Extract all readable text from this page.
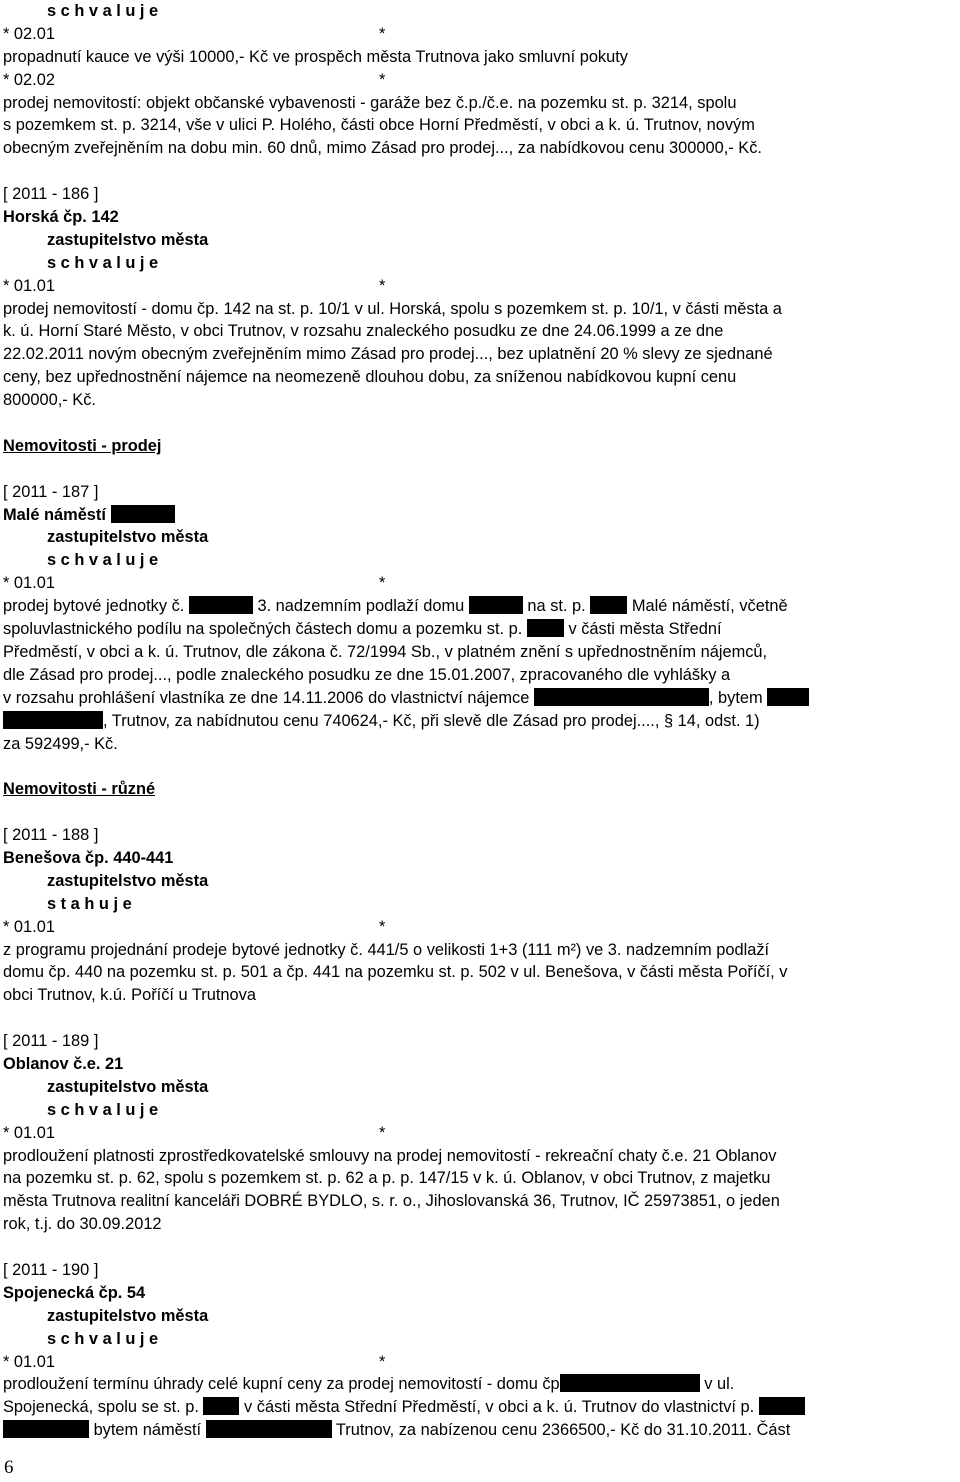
s c h v a l u j e
* 02.01	*
propadnutí kauce ve výši 10000,- Kč ve prospěch města Trutnova jako smluvní pokuty
* 02.02	*
prodej nemovitostí: objekt občanské vybavenosti - garáže bez č.p./č.e. na pozemku st. p. 3214, spolu
s pozemkem st. p. 3214, vše v ulici P. Holého, části obce Horní Předměstí, v obci a k. ú. Trutnov, novým
obecným zveřejněním na dobu min. 60 dnů, mimo Zásad pro prodej..., za nabídkovou cenu 300000,- Kč.
[ 2011 - 186 ]
Horská čp. 142
zastupitelstvo města
s c h v a l u j e
* 01.01	*
prodej nemovitostí - domu čp. 142 na st. p. 10/1 v ul. Horská, spolu s pozemkem st. p. 10/1, v části města a
k. ú. Horní Staré Město, v obci Trutnov, v rozsahu znaleckého posudku ze dne 24.06.1999 a ze dne
22.02.2011 novým obecným zveřejněním mimo Zásad pro prodej..., bez uplatnění 20 % slevy ze sjednané
ceny, bez upřednostnění nájemce na neomezeně dlouhou dobu, za sníženou nabídkovou kupní cenu
800000,- Kč.
Nemovitosti - prodej
[ 2011 - 187 ]
Malé náměstí
zastupitelstvo města
s c h v a l u j e
* 01.01	*
prodej bytové jednotky č.	3. nadzemním podlaží domu	na st. p.	Malé náměstí, včetně
spoluvlastnického podílu na společných částech domu a pozemku st. p.	v části města Střední
Předměstí, v obci a k. ú. Trutnov, dle zákona č. 72/1994 Sb., v platném znění s upřednostněním nájemců,
dle Zásad pro prodej..., podle znaleckého posudku ze dne 15.01.2007, zpracovaného dle vyhlášky a
v rozsahu prohlášení vlastníka ze dne 14.11.2006 do vlastnictví nájemce	, bytem
, Trutnov, za nabídnutou cenu 740624,- Kč, při slevě dle Zásad pro prodej...., § 14, odst. 1)
za 592499,- Kč.
Nemovitosti - různé
[ 2011 - 188 ]
Benešova čp. 440-441
zastupitelstvo města
s t a h u j e
* 01.01	*
z programu projednání prodeje bytové jednotky č. 441/5 o velikosti 1+3 (111 m²) ve 3. nadzemním podlaží
domu čp. 440 na pozemku st. p. 501 a čp. 441 na pozemku st. p. 502 v ul. Benešova, v části města Poříčí, v
obci Trutnov, k.ú. Poříčí u Trutnova
[ 2011 - 189 ]
Oblanov č.e. 21
zastupitelstvo města
s c h v a l u j e
* 01.01	*
prodloužení platnosti zprostředkovatelské smlouvy na prodej nemovitostí - rekreační chaty č.e. 21 Oblanov
na pozemku st. p. 62, spolu s pozemkem st. p. 62 a p. p. 147/15 v k. ú. Oblanov, v obci Trutnov, z majetku
města Trutnova realitní kanceláři DOBRÉ BYDLO, s. r. o., Jihoslovanská 36, Trutnov, IČ 25973851, o jeden
rok, t.j. do 30.09.2012
[ 2011 - 190 ]
Spojenecká čp. 54
zastupitelstvo města
s c h v a l u j e
* 01.01	*
prodloužení termínu úhrady celé kupní ceny za prodej nemovitostí - domu čp	v ul.
Spojenecká, spolu se st. p.	v části města Střední Předměstí, v obci a k. ú. Trutnov do vlastnictví p.
bytem náměstí	Trutnov, za nabízenou cenu 2366500,- Kč do 31.10.2011. Část
6
